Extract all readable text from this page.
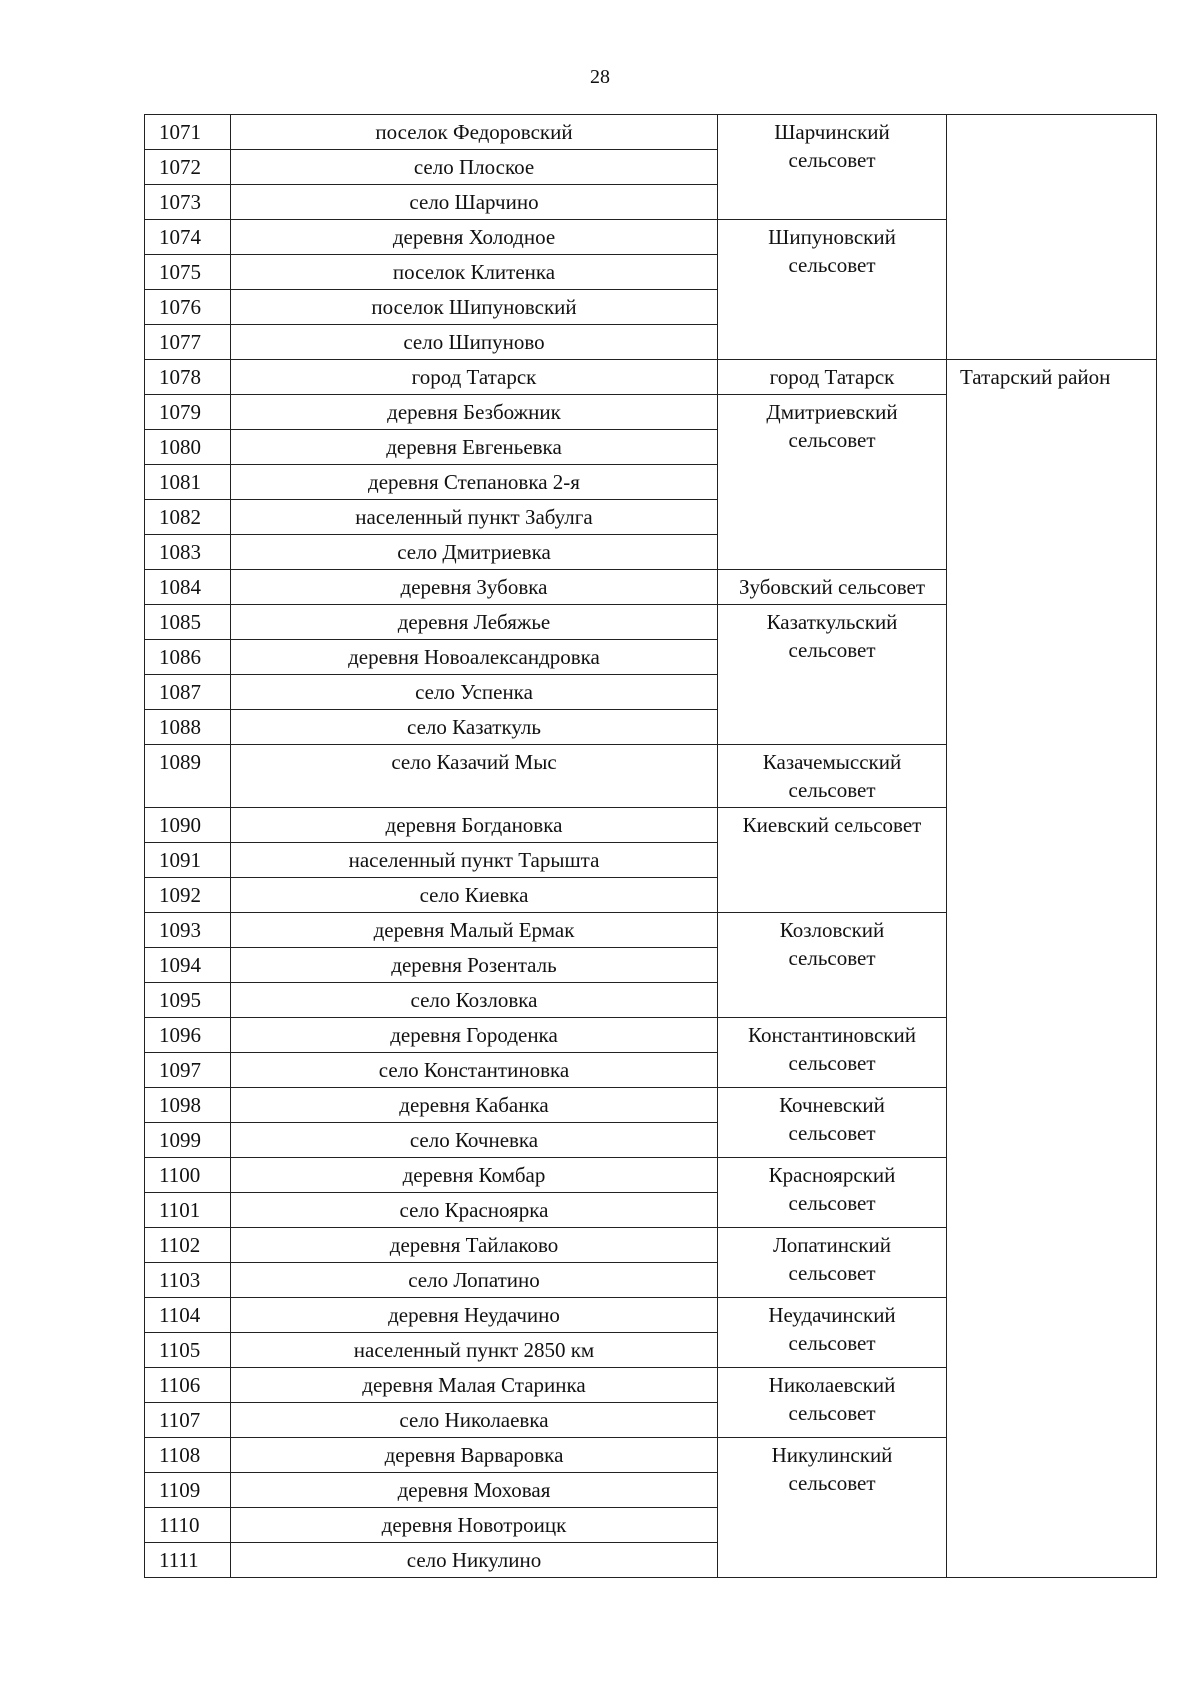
28
1071	поселок Федоровский	Шарчинский
сельсовет	
1072	село Плоское		
1073	село Шарчино		
1074	деревня Холодное	Шипуновский
сельсовет	
1075	поселок Клитенка		
1076	поселок Шипуновский		
1077	село Шипуново		
1078	город Татарск	город Татарск	Татарский район
1079	деревня Безбожник	Дмитриевский
сельсовет	
1080	деревня Евгеньевка		
1081	деревня Степановка 2-я		
1082	населенный пункт Забулга		
1083	село Дмитриевка		
1084	деревня Зубовка	Зубовский сельсовет	
1085	деревня Лебяжье	Казаткульский
сельсовет	
1086	деревня Новоалександровка		
1087	село Успенка		
1088	село Казаткуль		
1089	село Казачий Мыс	Казачемысский
сельсовет	
1090	деревня Богдановка	Киевский сельсовет	
1091	населенный пункт Тарышта		
1092	село Киевка		
1093	деревня Малый Ермак	Козловский
сельсовет	
1094	деревня Розенталь		
1095	село Козловка		
1096	деревня Городенка	Константиновский
сельсовет	
1097	село Константиновка		
1098	деревня Кабанка	Кочневский
сельсовет	
1099	село Кочневка		
1100	деревня Комбар	Красноярский
сельсовет	
1101	село Красноярка		
1102	деревня Тайлаково	Лопатинский
сельсовет	
1103	село Лопатино		
1104	деревня Неудачино	Неудачинский
сельсовет	
1105	населенный пункт 2850 км		
1106	деревня Малая Старинка	Николаевский
сельсовет	
1107	село Николаевка		
1108	деревня Варваровка	Никулинский
сельсовет	
1109	деревня Моховая		
1110	деревня Новотроицк		
1111	село Никулино		
